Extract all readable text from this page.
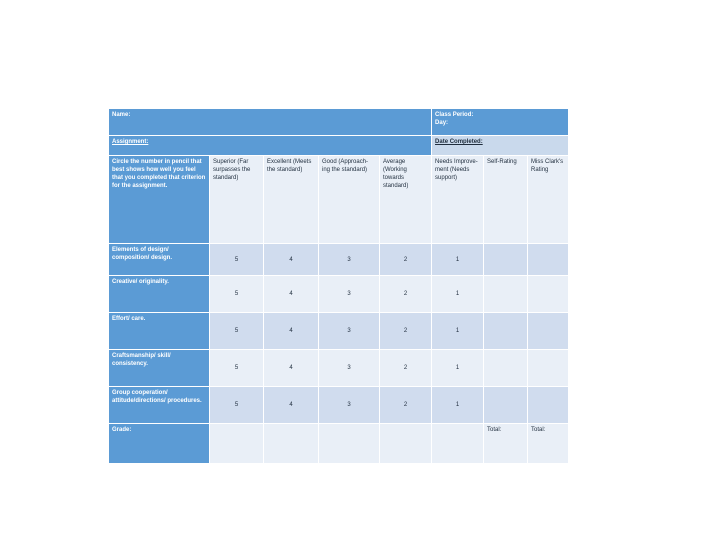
Name:					Class Period:
Day:		

Assignment:					Date Completed:		
Circle the number in pencil that best shows how well you feel that you completed that criterion for the assignment.	Superior (Far surpasses the standard)	Excellent (Meets the standard)	Good (Approach-ing the standard)	Average (Working towards standard)	Needs Improve-ment (Needs support)	Self-Rating	Miss Clark's Rating
Elements of design/ composition/ design.	5	4	3	2	1		
Creative/ originality.	5	4	3	2	1		
Effort/ care.	5	4	3	2	1		
Craftsmanship/ skill/ consistency.	5	4	3	2	1		
Group cooperation/ attitude/directions/ procedures.	5	4	3	2	1		
Grade:						Total:	Total:
